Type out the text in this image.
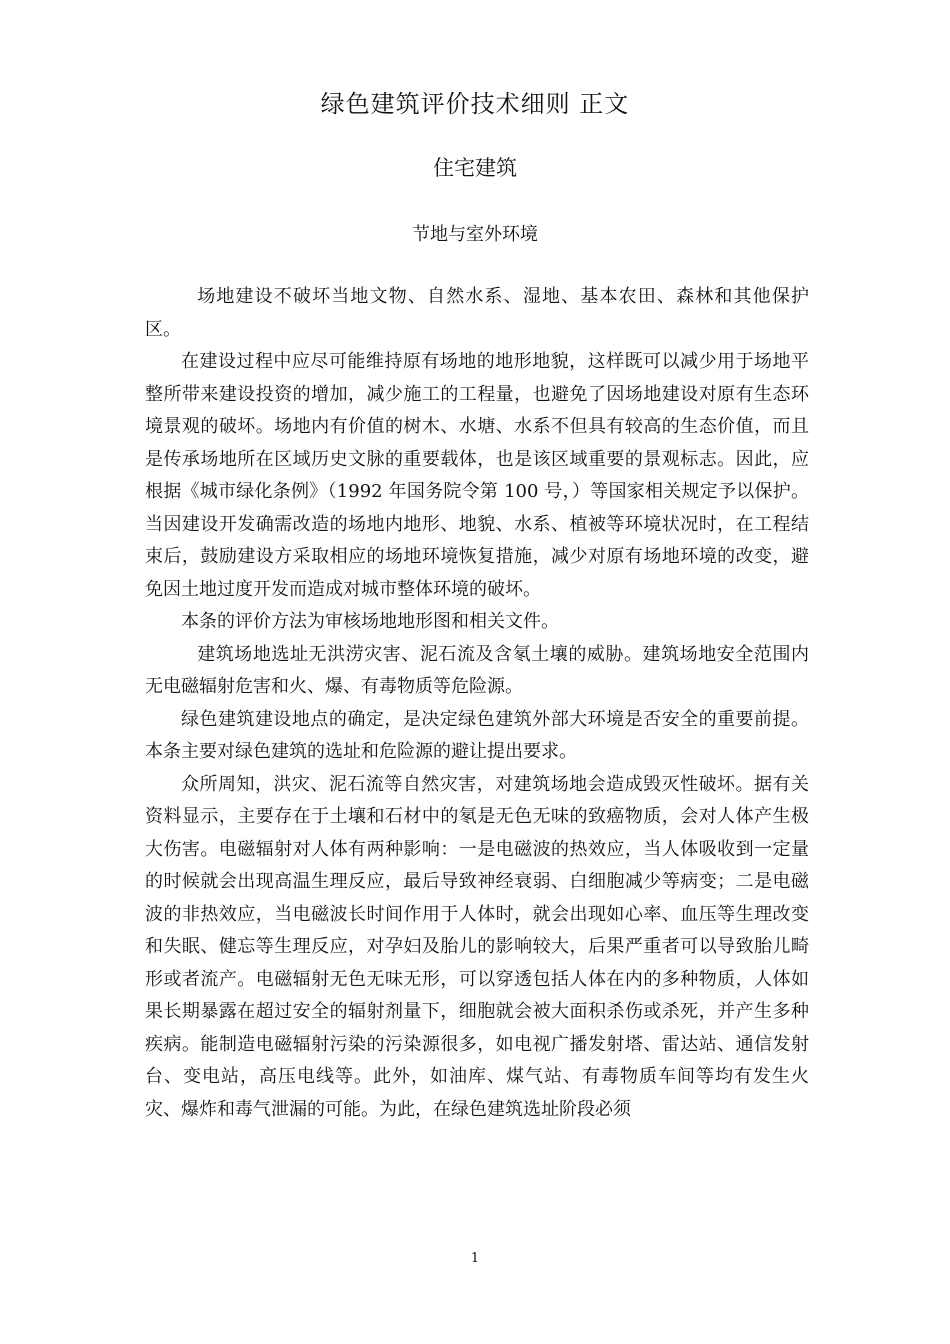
绿色建筑评价技术细则 正文
住宅建筑
节地与室外环境

场地建设不破坏当地文物、自然水系、湿地、基本农田、森林和其他保护区。

在建设过程中应尽可能维持原有场地的地形地貌，这样既可以减少用于场地平整所带来建设投资的增加，减少施工的工程量，也避免了因场地建设对原有生态环境景观的破坏。场地内有价值的树木、水塘、水系不但具有较高的生态价值，而且是传承场地所在区域历史文脉的重要载体，也是该区域重要的景观标志。因此，应根据《城市绿化条例》（1992 年国务院令第 100 号，）等国家相关规定予以保护。当因建设开发确需改造的场地内地形、地貌、水系、植被等环境状况时，在工程结束后，鼓励建设方采取相应的场地环境恢复措施，减少对原有场地环境的改变，避免因土地过度开发而造成对城市整体环境的破坏。

本条的评价方法为审核场地地形图和相关文件。

建筑场地选址无洪涝灾害、泥石流及含氡土壤的威胁。建筑场地安全范围内无电磁辐射危害和火、爆、有毒物质等危险源。

绿色建筑建设地点的确定，是决定绿色建筑外部大环境是否安全的重要前提。本条主要对绿色建筑的选址和危险源的避让提出要求。

众所周知，洪灾、泥石流等自然灾害，对建筑场地会造成毁灭性破坏。据有关资料显示，主要存在于土壤和石材中的氡是无色无味的致癌物质，会对人体产生极大伤害。电磁辐射对人体有两种影响：一是电磁波的热效应，当人体吸收到一定量的时候就会出现高温生理反应，最后导致神经衰弱、白细胞减少等病变；二是电磁波的非热效应，当电磁波长时间作用于人体时，就会出现如心率、血压等生理改变和失眠、健忘等生理反应，对孕妇及胎儿的影响较大，后果严重者可以导致胎儿畸形或者流产。电磁辐射无色无味无形，可以穿透包括人体在内的多种物质，人体如果长期暴露在超过安全的辐射剂量下，细胞就会被大面积杀伤或杀死，并产生多种疾病。能制造电磁辐射污染的污染源很多，如电视广播发射塔、雷达站、通信发射台、变电站，高压电线等。此外，如油库、煤气站、有毒物质车间等均有发生火灾、爆炸和毒气泄漏的可能。为此，在绿色建筑选址阶段必须

1
